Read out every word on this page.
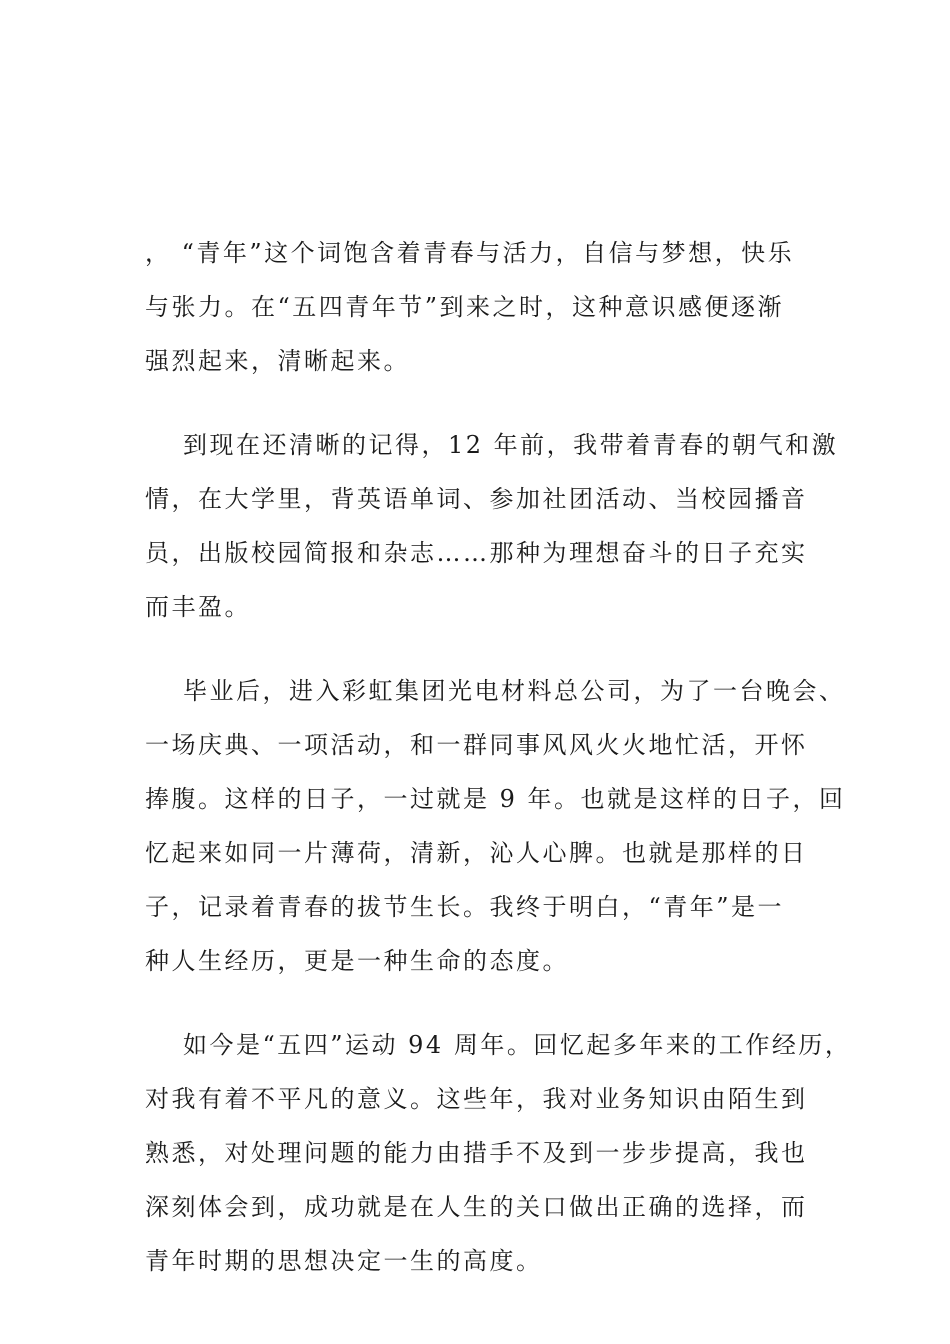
， “青年”这个词饱含着青春与活力，自信与梦想，快乐
与张力。在“五四青年节”到来之时，这种意识感便逐渐
强烈起来，清晰起来。
到现在还清晰的记得，12 年前，我带着青春的朝气和激
情，在大学里，背英语单词、参加社团活动、当校园播音
员，出版校园简报和杂志……那种为理想奋斗的日子充实
而丰盈。
毕业后，进入彩虹集团光电材料总公司，为了一台晚会、
一场庆典、一项活动，和一群同事风风火火地忙活，开怀
捧腹。这样的日子，一过就是 9 年。也就是这样的日子，回
忆起来如同一片薄荷，清新，沁人心脾。也就是那样的日
子，记录着青春的拔节生长。我终于明白，“青年”是一
种人生经历，更是一种生命的态度。
如今是“五四”运动 94 周年。回忆起多年来的工作经历，
对我有着不平凡的意义。这些年，我对业务知识由陌生到
熟悉，对处理问题的能力由措手不及到一步步提高，我也
深刻体会到，成功就是在人生的关口做出正确的选择，而
青年时期的思想决定一生的高度。
